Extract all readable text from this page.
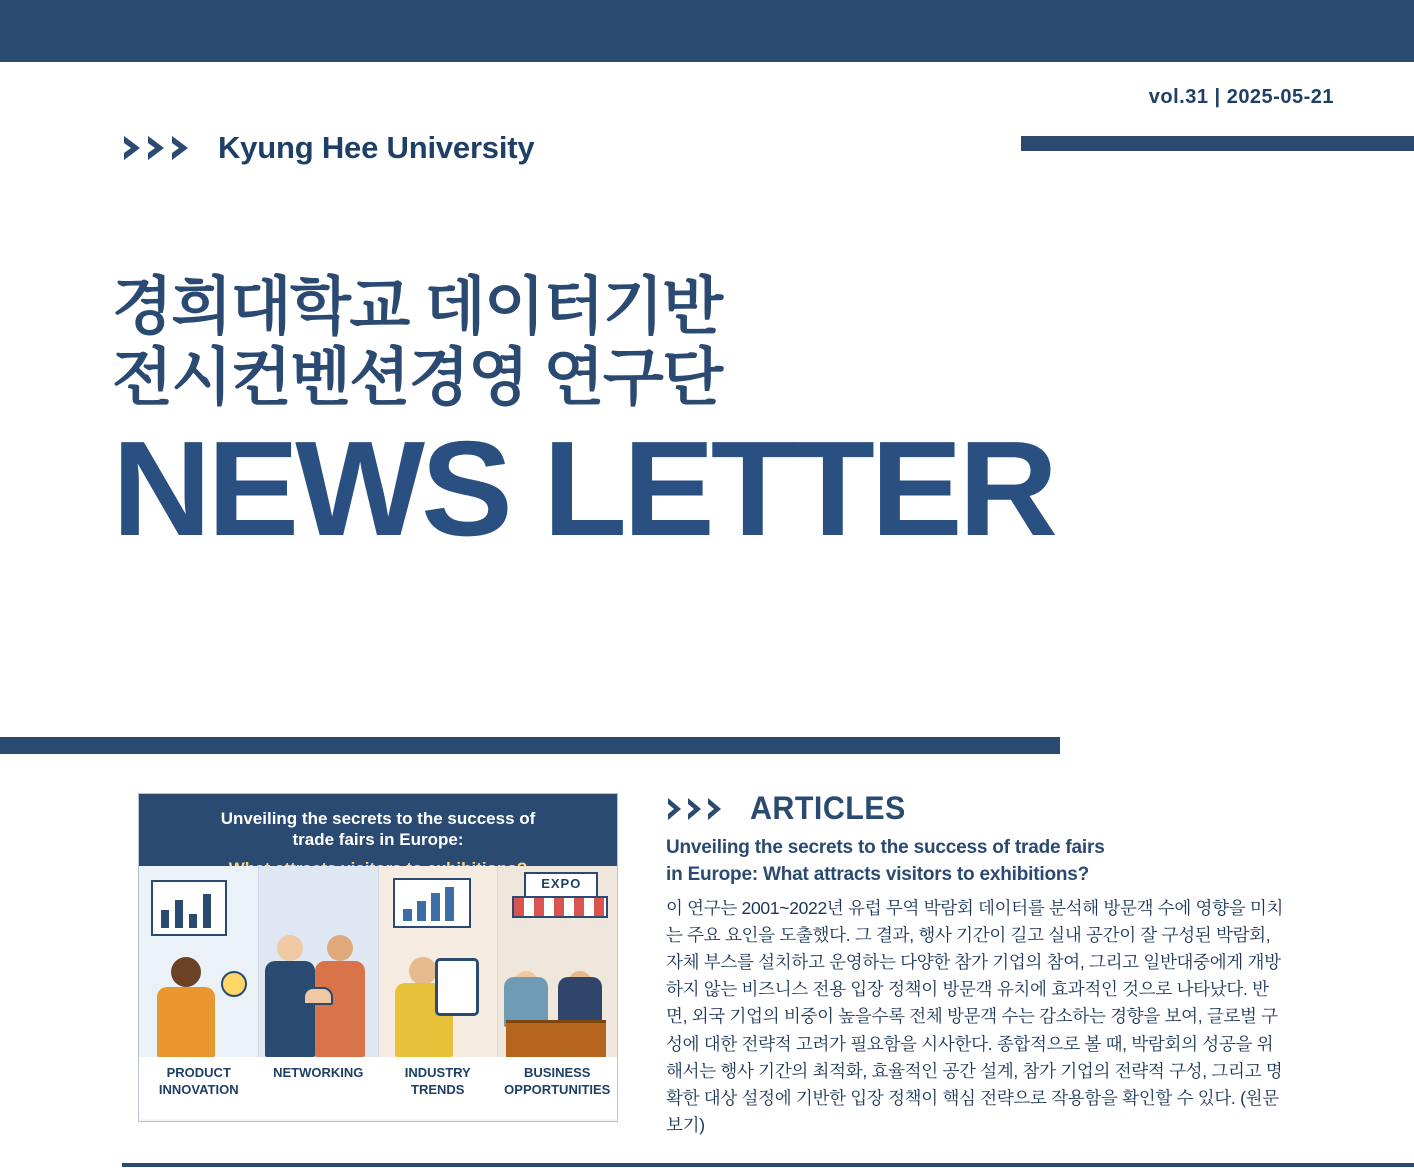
vol.31 | 2025-05-21
Kyung Hee University
경희대학교 데이터기반
전시컨벤션경영 연구단
NEWS LETTER
Unveiling the secrets to the success of
trade fairs in Europe:
EXPO
PRODUCT
INNOVATION
NETWORKING	INDUSTRY
TRENDS
BUSINESS
OPPORTUNITIES
ARTICLES
Unveiling the secrets to the success of trade fairs
in Europe: What attracts visitors to exhibitions?
이 연구는 2001~2022년 유럽 무역 박람회 데이터를 분석해 방문객 수에 영향을 미치는 주요 요인을 도출했다. 그 결과, 행사 기간이 길고 실내 공간이 잘 구성된 박람회, 자체 부스를 설치하고 운영하는 다양한 참가 기업의 참여, 그리고 일반대중에게 개방하지 않는 비즈니스 전용 입장 정책이 방문객 유치에 효과적인 것으로 나타났다. 반면, 외국 기업의 비중이 높을수록 전체 방문객 수는 감소하는 경향을 보여, 글로벌 구성에 대한 전략적 고려가 필요함을 시사한다. 종합적으로 볼 때, 박람회의 성공을 위해서는 행사 기간의 최적화, 효율적인 공간 설계, 참가 기업의 전략적 구성, 그리고 명확한 대상 설정에 기반한 입장 정책이 핵심 전략으로 작용함을 확인할 수 있다. (원문보기)
